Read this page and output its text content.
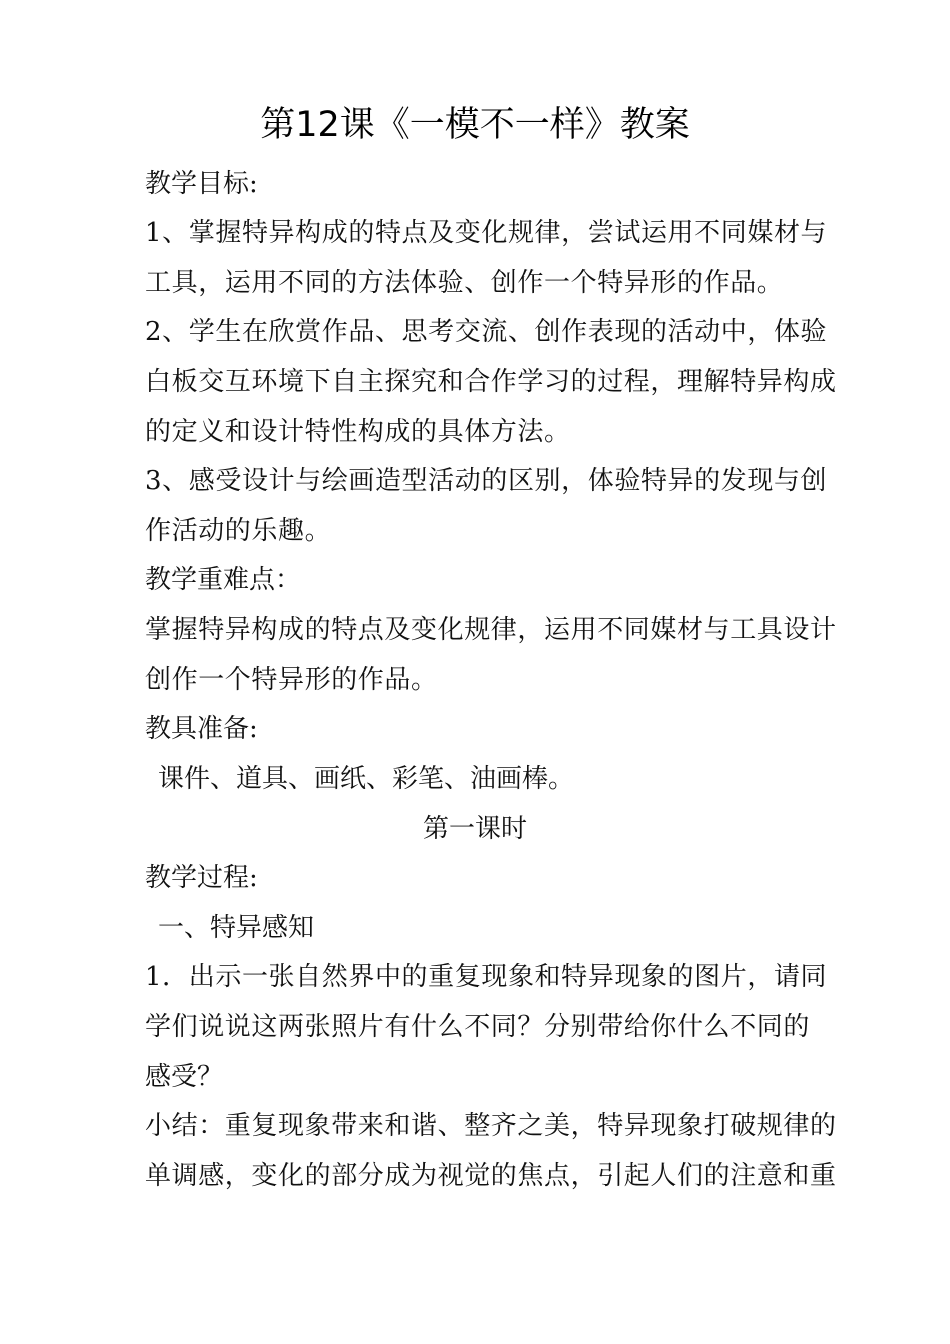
第12课《一模不一样》教案
教学目标:
1、掌握特异构成的特点及变化规律，尝试运用不同媒材与
工具，运用不同的方法体验、创作一个特异形的作品。
2、学生在欣赏作品、思考交流、创作表现的活动中，体验
白板交互环境下自主探究和合作学习的过程，理解特异构成
的定义和设计特性构成的具体方法。
3、感受设计与绘画造型活动的区别，体验特异的发现与创
作活动的乐趣。
教学重难点：
掌握特异构成的特点及变化规律，运用不同媒材与工具设计
创作一个特异形的作品。
教具准备:
课件、道具、画纸、彩笔、油画棒。
第一课时
教学过程:
一、特异感知
1．出示一张自然界中的重复现象和特异现象的图片，请同
学们说说这两张照片有什么不同？分别带给你什么不同的
感受？
小结：重复现象带来和谐、整齐之美，特异现象打破规律的
单调感，变化的部分成为视觉的焦点，引起人们的注意和重
